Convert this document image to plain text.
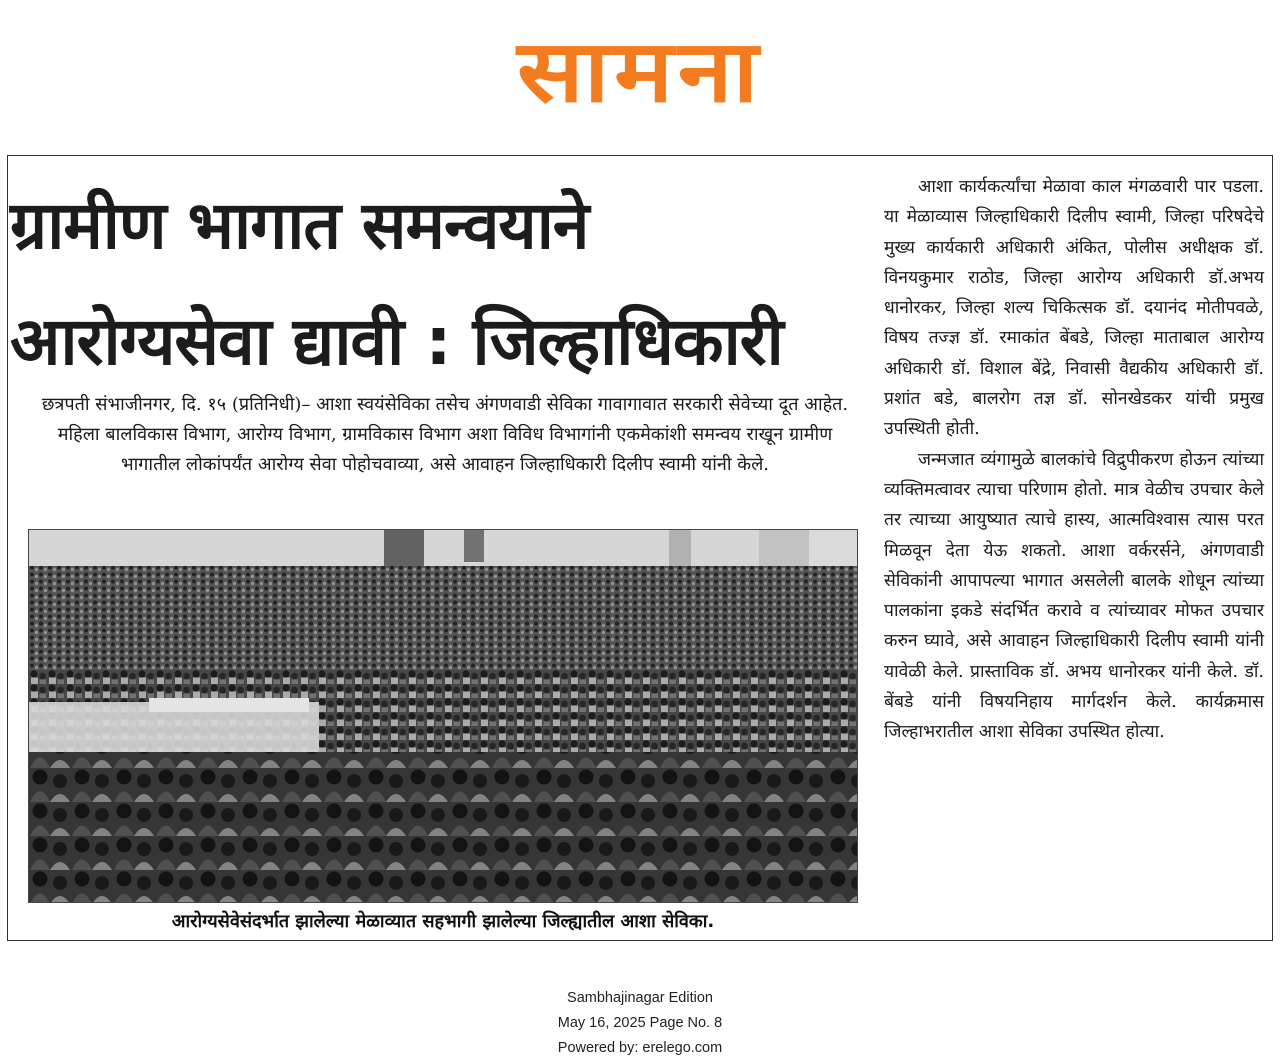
सामना
ग्रामीण भागात समन्वयाने
आरोग्यसेवा द्यावी : जिल्हाधिकारी
छत्रपती संभाजीनगर, दि. १५ (प्रतिनिधी)– आशा स्वयंसेविका तसेच अंगणवाडी सेविका गावागावात सरकारी सेवेच्या दूत आहेत. महिला बालविकास विभाग, आरोग्य विभाग, ग्रामविकास विभाग अशा विविध विभागांनी एकमेकांशी समन्वय राखून ग्रामीण भागातील लोकांपर्यंत आरोग्य सेवा पोहोचवाव्या, असे आवाहन जिल्हाधिकारी दिलीप स्वामी यांनी केले.
आरोग्यसेवेसंदर्भात झालेल्या मेळाव्यात सहभागी झालेल्या जिल्ह्यातील आशा सेविका.

आशा कार्यकर्त्यांचा मेळावा काल मंगळवारी पार पडला. या मेळाव्यास जिल्हाधिकारी दिलीप स्वामी, जिल्हा परिषदेचे मुख्य कार्यकारी अधिकारी अंकित, पोलीस अधीक्षक डॉ. विनयकुमार राठोड, जिल्हा आरोग्य अधिकारी डॉ.अभय धानोरकर, जिल्हा शल्य चिकित्सक डॉ. दयानंद मोतीपवळे, विषय तज्ज्ञ डॉ. रमाकांत बेंबडे, जिल्हा माताबाल आरोग्य अधिकारी डॉ. विशाल बेंद्रे, निवासी वैद्यकीय अधिकारी डॉ. प्रशांत बडे, बालरोग तज्ञ डॉ. सोनखेडकर यांची प्रमुख उपस्थिती होती.

जन्मजात व्यंगामुळे बालकांचे विद्रुपीकरण होऊन त्यांच्या व्यक्तिमत्वावर त्याचा परिणाम होतो. मात्र वेळीच उपचार केले तर त्याच्या आयुष्यात त्याचे हास्य, आत्मविश्वास त्यास परत मिळवून देता येऊ शकतो. आशा वर्करर्सने, अंगणवाडी सेविकांनी आपापल्या भागात असलेली बालके शोधून त्यांच्या पालकांना इकडे संदर्भित करावे व त्यांच्यावर मोफत उपचार करुन घ्यावे, असे आवाहन जिल्हाधिकारी दिलीप स्वामी यांनी यावेळी केले. प्रास्ताविक डॉ. अभय धानोरकर यांनी केले. डॉ. बेंबडे यांनी विषयनिहाय मार्गदर्शन केले. कार्यक्रमास जिल्हाभरातील आशा सेविका उपस्थित होत्या.

Sambhajinagar Edition
May 16, 2025 Page No. 8
Powered by: erelego.com
